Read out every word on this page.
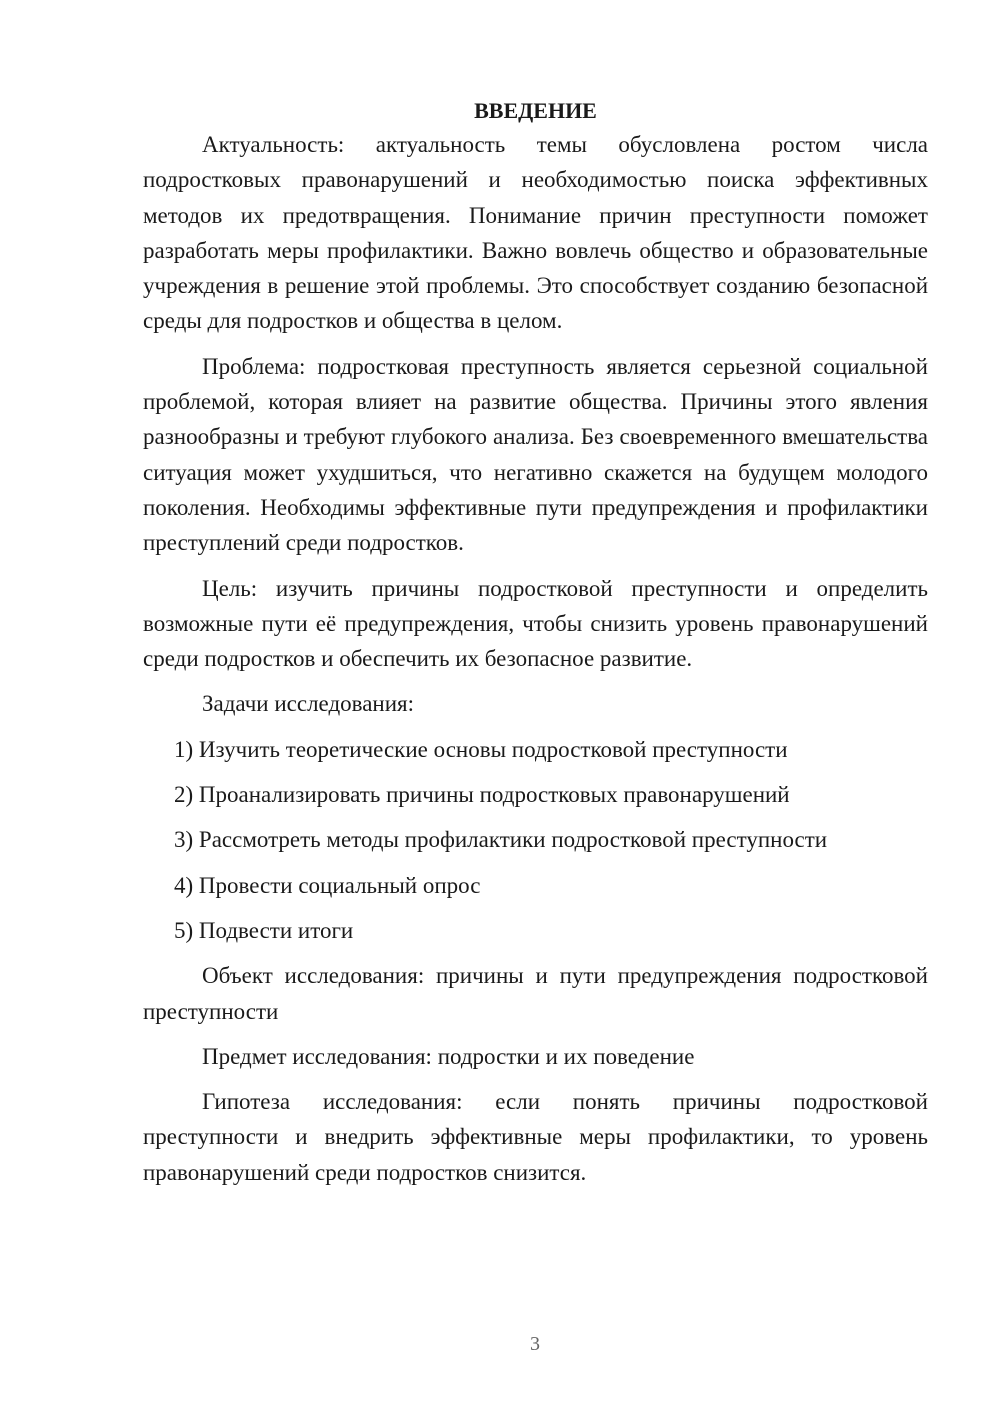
ВВЕДЕНИЕ

Актуальность: актуальность темы обусловлена ростом числа подростковых правонарушений и необходимостью поиска эффективных методов их предотвращения. Понимание причин преступности поможет разработать меры профилактики. Важно вовлечь общество и образовательные учреждения в решение этой проблемы. Это способствует созданию безопасной среды для подростков и общества в целом.

Проблема: подростковая преступность является серьезной социальной проблемой, которая влияет на развитие общества. Причины этого явления разнообразны и требуют глубокого анализа. Без своевременного вмешательства ситуация может ухудшиться, что негативно скажется на будущем молодого поколения. Необходимы эффективные пути предупреждения и профилактики преступлений среди подростков.

Цель: изучить причины подростковой преступности и определить возможные пути её предупреждения, чтобы снизить уровень правонарушений среди подростков и обеспечить их безопасное развитие.

Задачи исследования:

1) Изучить теоретические основы подростковой преступности
2) Проанализировать причины подростковых правонарушений
3) Рассмотреть методы профилактики подростковой преступности
4) Провести социальный опрос
5) Подвести итоги

Объект исследования: причины и пути предупреждения подростковой преступности

Предмет исследования: подростки и их поведение

Гипотеза исследования: если понять причины подростковой преступности и внедрить эффективные меры профилактики, то уровень правонарушений среди подростков снизится.

3
